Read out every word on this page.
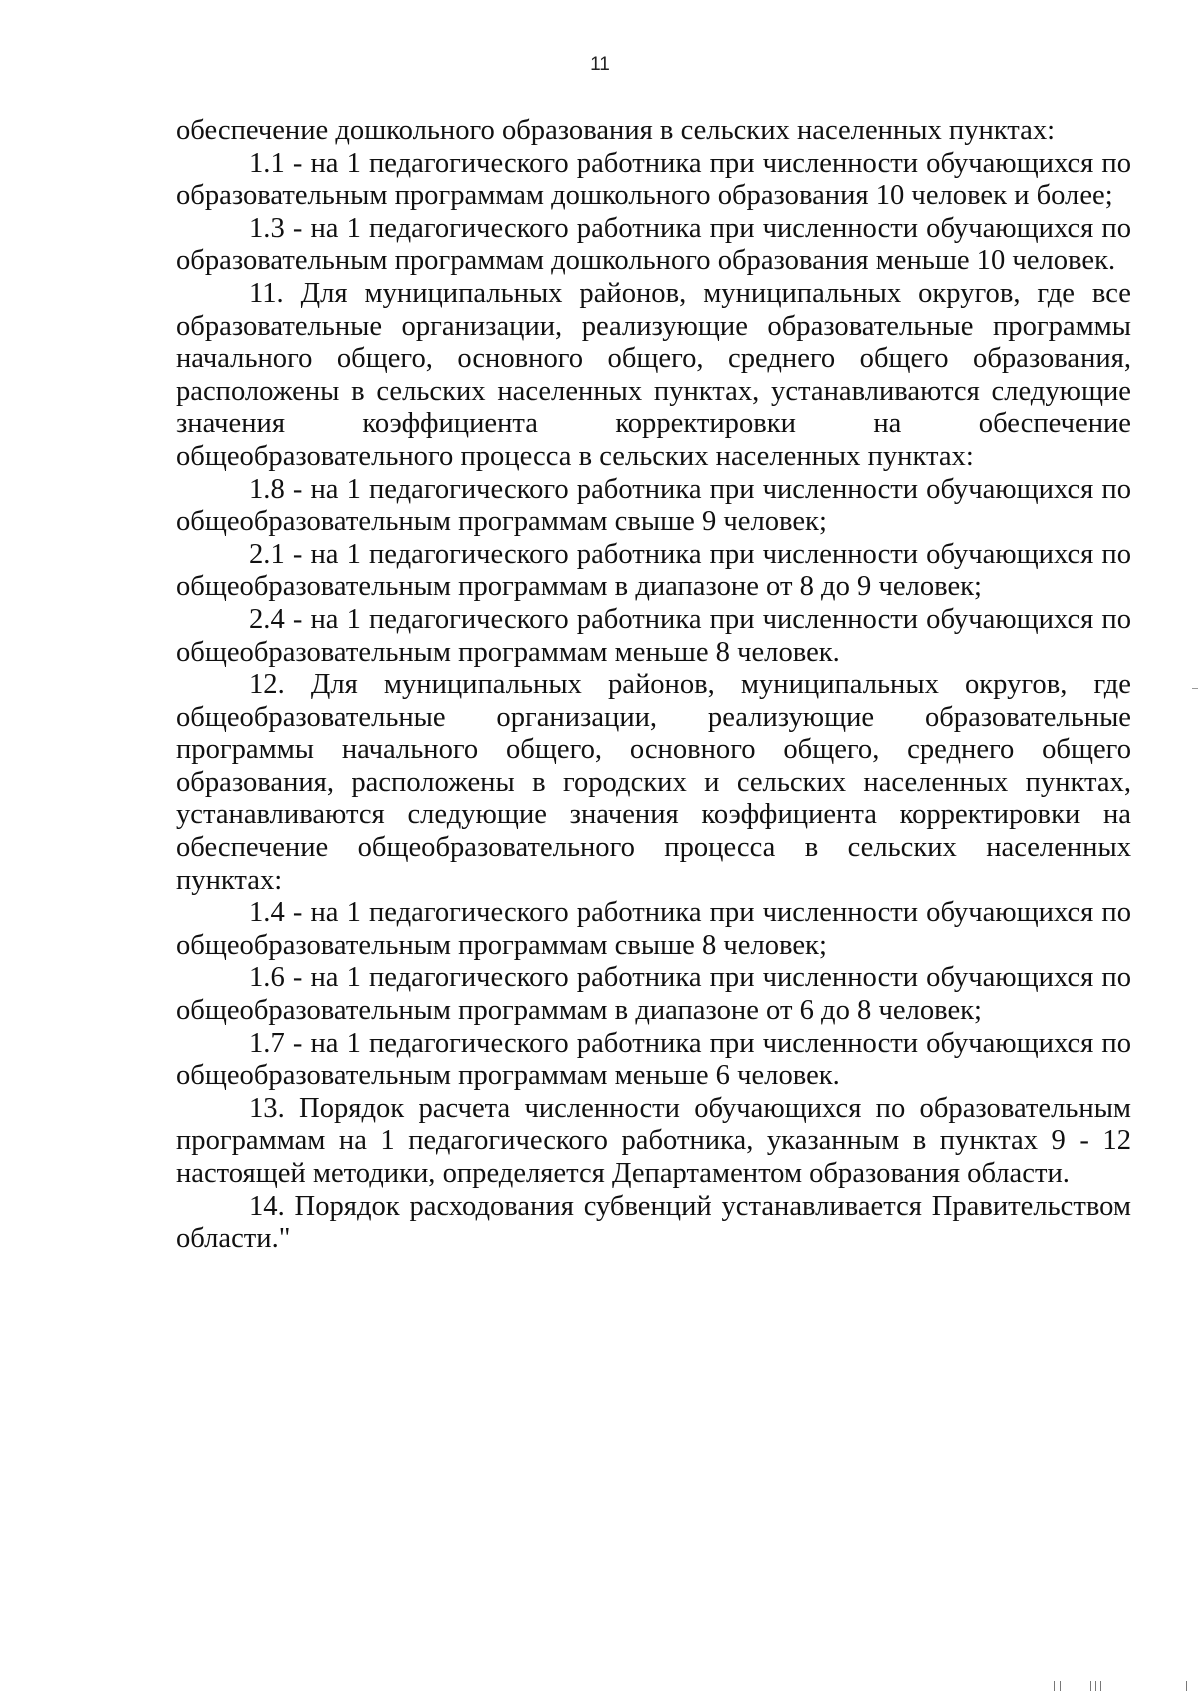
11

обеспечение дошкольного образования в сельских населенных пунктах:

1.1 - на 1 педагогического работника при численности обучающихся по образовательным программам дошкольного образования 10 человек и более;

1.3 - на 1 педагогического работника при численности обучающихся по образовательным программам дошкольного образования меньше 10 человек.

11. Для муниципальных районов, муниципальных округов, где все образовательные организации, реализующие образовательные программы начального общего, основного общего, среднего общего образования, расположены в сельских населенных пунктах, устанавливаются следующие значения коэффициента корректировки на обеспечение общеобразовательного процесса в сельских населенных пунктах:

1.8 - на 1 педагогического работника при численности обучающихся по общеобразовательным программам свыше 9 человек;

2.1 - на 1 педагогического работника при численности обучающихся по общеобразовательным программам в диапазоне от 8 до 9 человек;

2.4 - на 1 педагогического работника при численности обучающихся по общеобразовательным программам меньше 8 человек.

12. Для муниципальных районов, муниципальных округов, где общеобразовательные организации, реализующие образовательные программы начального общего, основного общего, среднего общего образования, расположены в городских и сельских населенных пунктах, устанавливаются следующие значения коэффициента корректировки на обеспечение общеобразовательного процесса в сельских населенных пунктах:

1.4 - на 1 педагогического работника при численности обучающихся по общеобразовательным программам свыше 8 человек;

1.6 - на 1 педагогического работника при численности обучающихся по общеобразовательным программам в диапазоне от 6 до 8 человек;

1.7 - на 1 педагогического работника при численности обучающихся по общеобразовательным программам меньше 6 человек.

13. Порядок расчета численности обучающихся по образовательным программам на 1 педагогического работника, указанным в пунктах 9 - 12 настоящей методики, определяется Департаментом образования области.

14. Порядок расходования субвенций устанавливается Правительством области."
